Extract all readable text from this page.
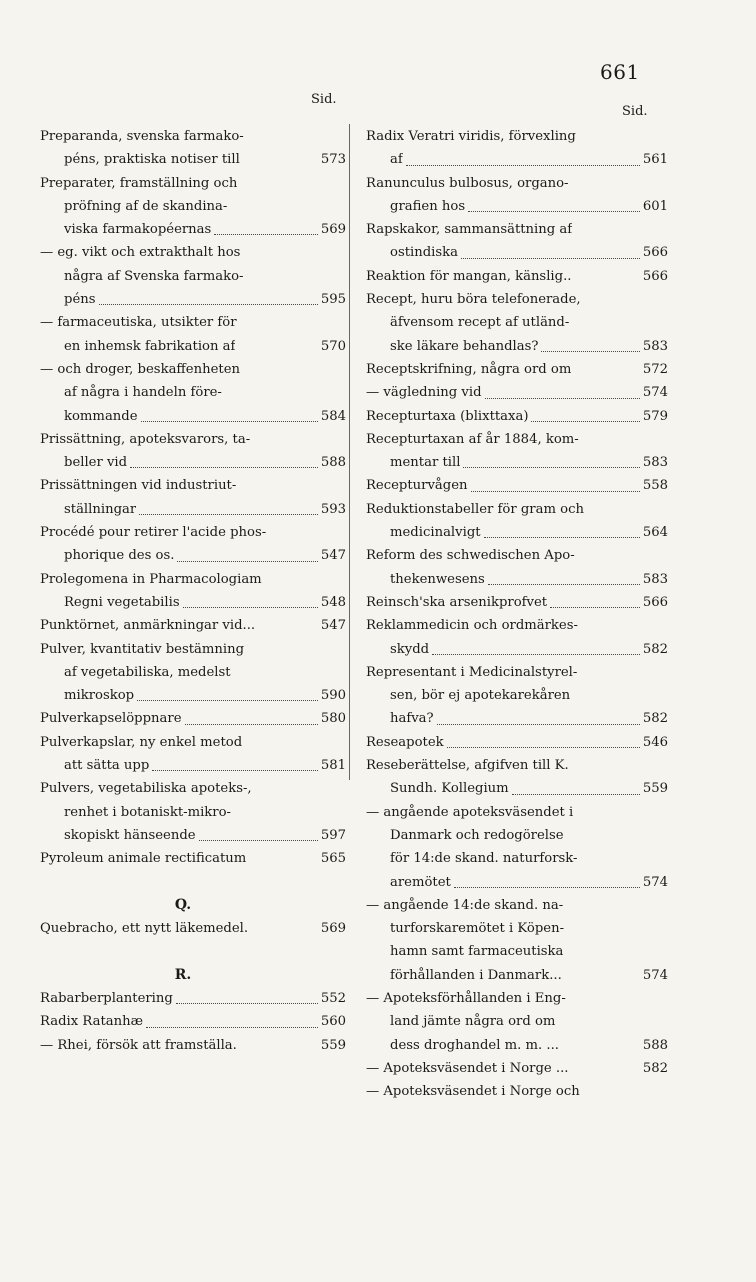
661
Sid.
Sid.
Preparanda, svenska farmako-
péns, praktiska notiser till	573
Preparater, framställning och
pröfning af de skandina-
viska farmakopéernas	569
— eg. vikt och extrakthalt hos
några af Svenska farmako-
péns	595
— farmaceutiska, utsikter för
en inhemsk fabrikation af	570
— och droger, beskaffenheten
af några i handeln före-
kommande	584
Prissättning, apoteksvarors, ta-
beller vid	588
Prissättningen vid industriut-
ställningar	593
Procédé pour retirer l'acide phos-
phorique des os.	547
Prolegomena in Pharmacologiam
Regni vegetabilis	548
Punktörnet, anmärkningar vid...	547
Pulver, kvantitativ bestämning
af vegetabiliska, medelst
mikroskop	590
Pulverkapselöppnare	580
Pulverkapslar, ny enkel metod
att sätta upp	581
Pulvers, vegetabiliska apoteks-,
renhet i botaniskt-mikro-
skopiskt hänseende	597
Pyroleum animale rectificatum	565
Q.
Quebracho, ett nytt läkemedel.	569
R.
Rabarberplantering	552
Radix Ratanhæ	560
— Rhei, försök att framställa.	559
Radix Veratri viridis, förvexling
af	561
Ranunculus bulbosus, organo-
grafien hos	601
Rapskakor, sammansättning af
ostindiska	566
Reaktion för mangan, känslig..	566
Recept, huru böra telefonerade,
äfvensom recept af utländ-
ske läkare behandlas?	583
Receptskrifning, några ord om	572
— vägledning vid	574
Recepturtaxa (blixttaxa)	579
Recepturtaxan af år 1884, kom-
mentar till	583
Recepturvågen	558
Reduktionstabeller för gram och
medicinalvigt	564
Reform des schwedischen Apo-
thekenwesens	583
Reinsch'ska arsenikprofvet	566
Reklammedicin och ordmärkes-
skydd	582
Representant i Medicinalstyrel-
sen, bör ej apotekarekåren
hafva?	582
Reseapotek	546
Reseberättelse, afgifven till K.
Sundh. Kollegium	559
— angående apoteksväsendet i
Danmark och redogörelse
för 14:de skand. naturforsk-
aremötet	574
— angående 14:de skand. na-
turforskaremötet i Köpen-
hamn samt farmaceutiska
förhållanden i Danmark...	574
— Apoteksförhållanden i Eng-
land jämte några ord om
dess droghandel m. m. ...	588
— Apoteksväsendet i Norge ...	582
— Apoteksväsendet i Norge och
